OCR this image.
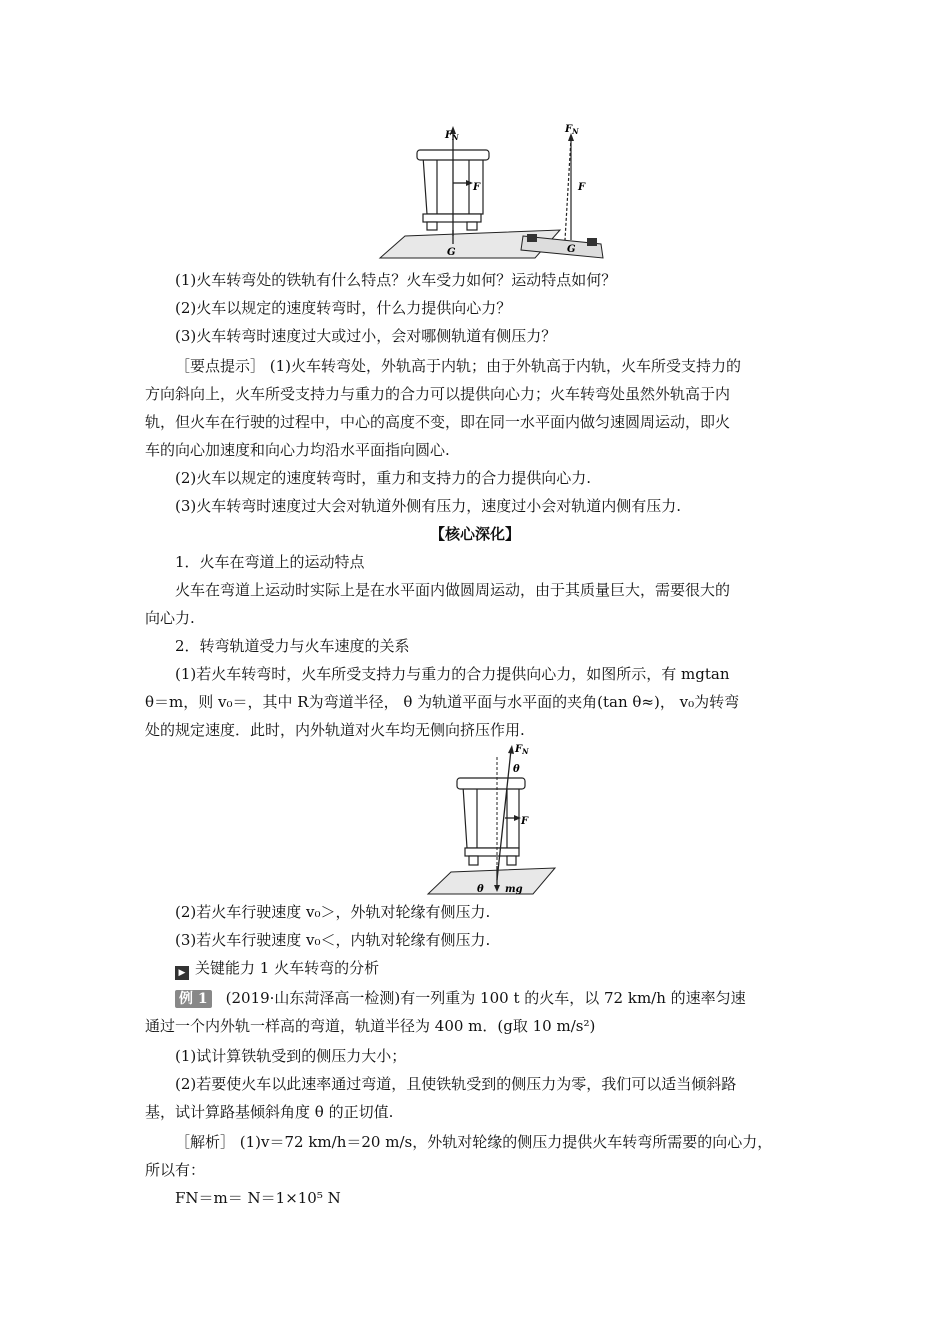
$F_N$
F
G
$F_N$
F
G
(1)火车转弯处的铁轨有什么特点？火车受力如何？运动特点如何？
(2)火车以规定的速度转弯时，什么力提供向心力？
(3)火车转弯时速度过大或过小，会对哪侧轨道有侧压力？
［要点提示］ (1)火车转弯处，外轨高于内轨；由于外轨高于内轨，火车所受支持力的
方向斜向上，火车所受支持力与重力的合力可以提供向心力；火车转弯处虽然外轨高于内
轨，但火车在行驶的过程中，中心的高度不变，即在同一水平面内做匀速圆周运动，即火
车的向心加速度和向心力均沿水平面指向圆心.
(2)火车以规定的速度转弯时，重力和支持力的合力提供向心力.
(3)火车转弯时速度过大会对轨道外侧有压力，速度过小会对轨道内侧有压力.
【核心深化】
1．火车在弯道上的运动特点
火车在弯道上运动时实际上是在水平面内做圆周运动，由于其质量巨大，需要很大的
向心力.
2．转弯轨道受力与火车速度的关系
(1)若火车转弯时，火车所受支持力与重力的合力提供向心力，如图所示，有 mgtan
θ＝m，则 v₀＝，其中 R为弯道半径， θ 为轨道平面与水平面的夹角(tan θ≈)， v₀为转弯
处的规定速度．此时，内外轨道对火车均无侧向挤压作用.
$F_N$
θ
F
θ mg
(2)若火车行驶速度 v₀＞，外轨对轮缘有侧压力.
(3)若火车行驶速度 v₀＜，内轨对轮缘有侧压力.
▶ 关键能力 1 火车转弯的分析
例 1 (2019·山东菏泽高一检测)有一列重为 100 t 的火车，以 72 km/h 的速率匀速
通过一个内外轨一样高的弯道，轨道半径为 400 m．(g取 10 m/s²)
(1)试计算铁轨受到的侧压力大小；
(2)若要使火车以此速率通过弯道，且使铁轨受到的侧压力为零，我们可以适当倾斜路
基，试计算路基倾斜角度 θ 的正切值.
［解析］ (1)v＝72 km/h＝20 m/s，外轨对轮缘的侧压力提供火车转弯所需要的向心力，
所以有：
FN＝m＝ N＝1×10⁵ N
